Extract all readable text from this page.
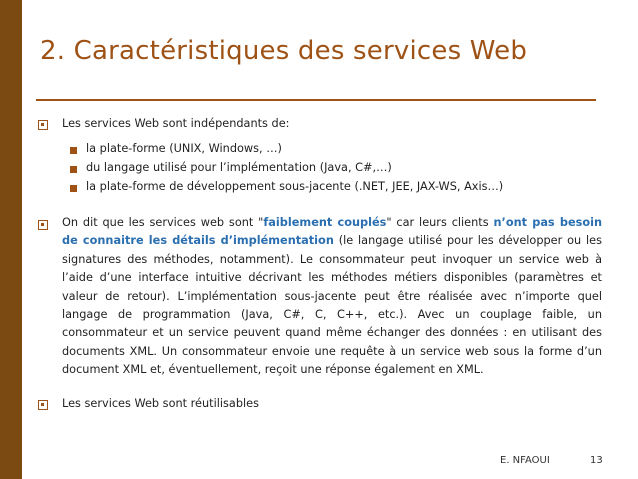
2. Caractéristiques des services Web
Les services Web sont indépendants de:
la plate-forme (UNIX, Windows, …)
du langage utilisé pour l’implémentation (Java, C#,…)
la plate-forme de développement sous-jacente (.NET, JEE, JAX-WS, Axis…)
On dit que les services web sont "faiblement couplés" car leurs clients n’ont pas besoin de connaitre les détails d’implémentation (le langage utilisé pour les développer ou les signatures des méthodes, notamment). Le consommateur peut invoquer un service web à l’aide d’une interface intuitive décrivant les méthodes métiers disponibles (paramètres et valeur de retour). L’implémentation sous-jacente peut être réalisée avec n’importe quel langage de programmation (Java, C#, C, C++, etc.). Avec un couplage faible, un consommateur et un service peuvent quand même échanger des données : en utilisant des documents XML. Un consommateur envoie une requête à un service web sous la forme d’un document XML et, éventuellement, reçoit une réponse également en XML.
Les services Web sont réutilisables
E. NFAOUI	13
